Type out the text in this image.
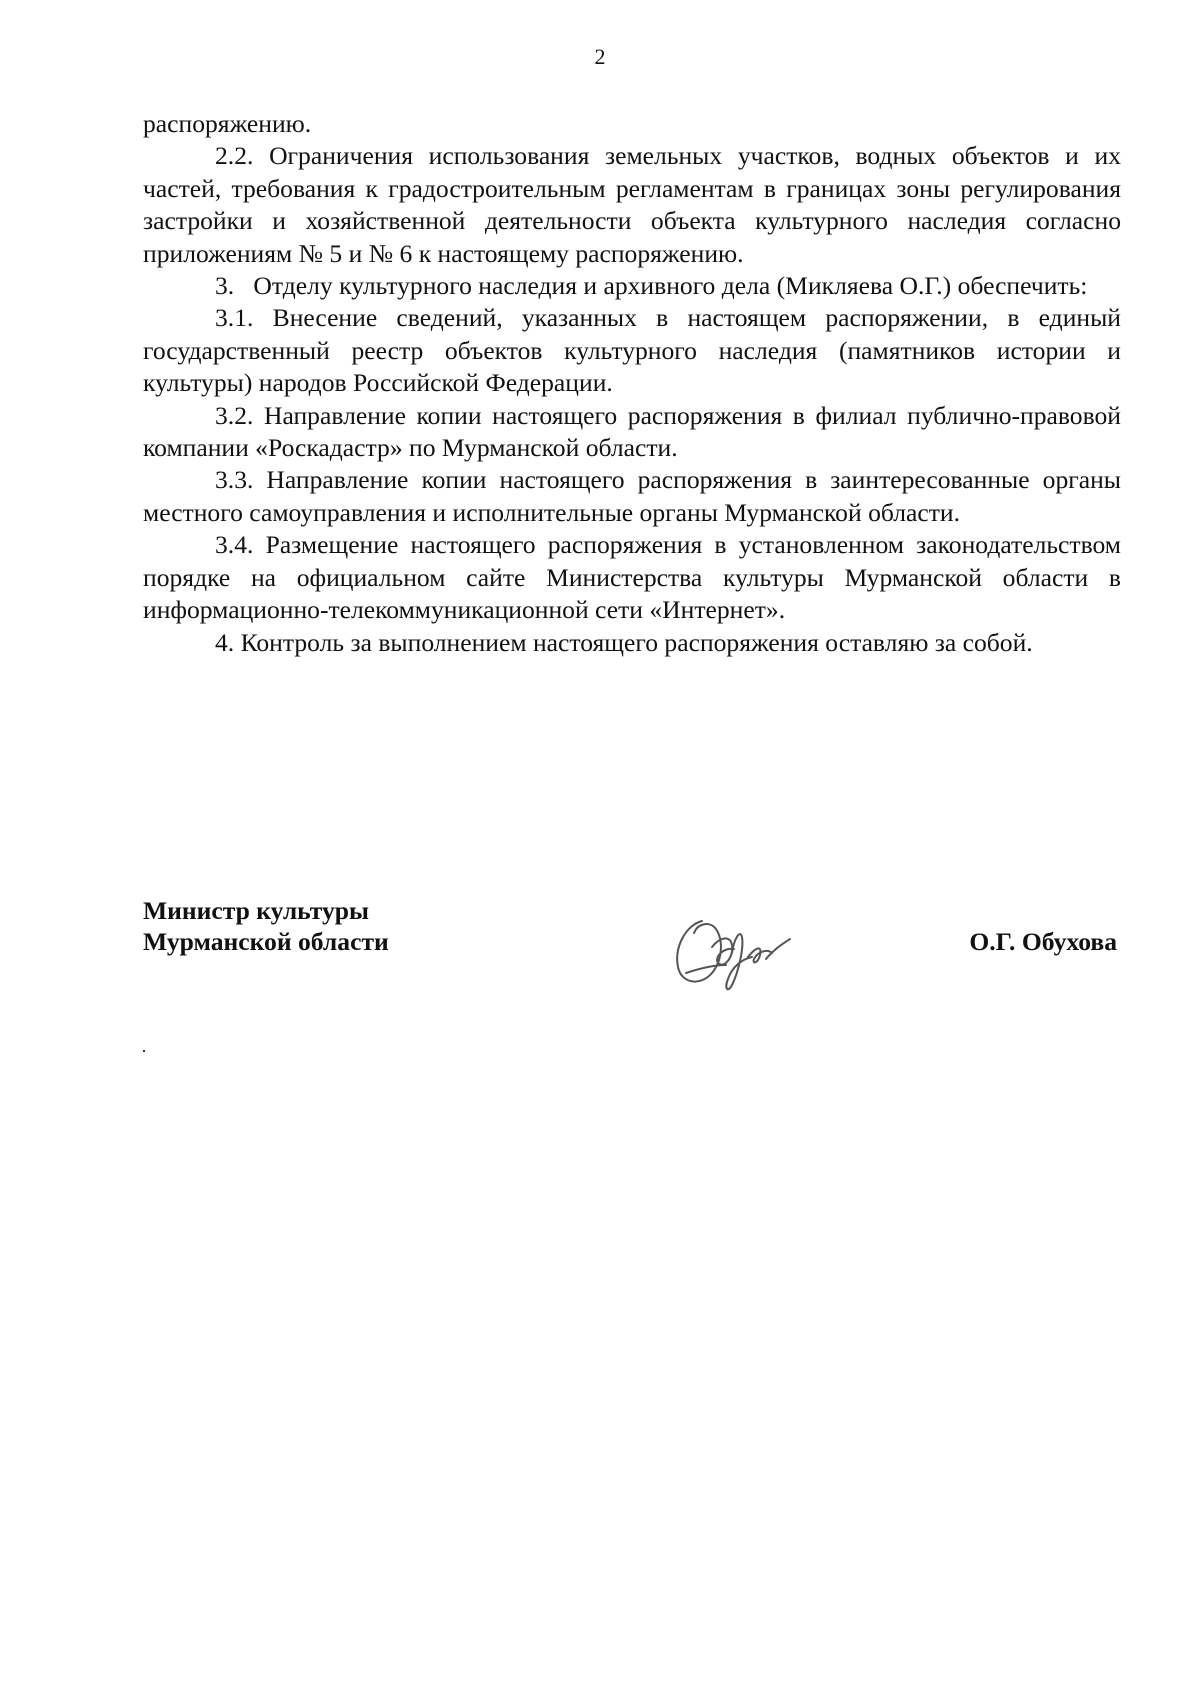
2

распоряжению.

2.2. Ограничения использования земельных участков, водных объектов и их частей, требования к градостроительным регламентам в границах зоны регулирования застройки и хозяйственной деятельности объекта культурного наследия согласно приложениям № 5 и № 6 к настоящему распоряжению.

3.   Отделу культурного наследия и архивного дела (Микляева О.Г.) обеспечить:

3.1. Внесение сведений, указанных в настоящем распоряжении, в единый государственный реестр объектов культурного наследия (памятников истории и культуры) народов Российской Федерации.

3.2. Направление копии настоящего распоряжения в филиал публично-правовой компании «Роскадастр» по Мурманской области.

3.3. Направление копии настоящего распоряжения в заинтересованные органы местного самоуправления и исполнительные органы Мурманской области.

3.4. Размещение настоящего распоряжения в установленном законодательством порядке на официальном сайте Министерства культуры Мурманской области в информационно-телекоммуникационной сети «Интернет».

4. Контроль за выполнением настоящего распоряжения оставляю за собой.

Министр культуры
Мурманской области	О.Г. Обухова
